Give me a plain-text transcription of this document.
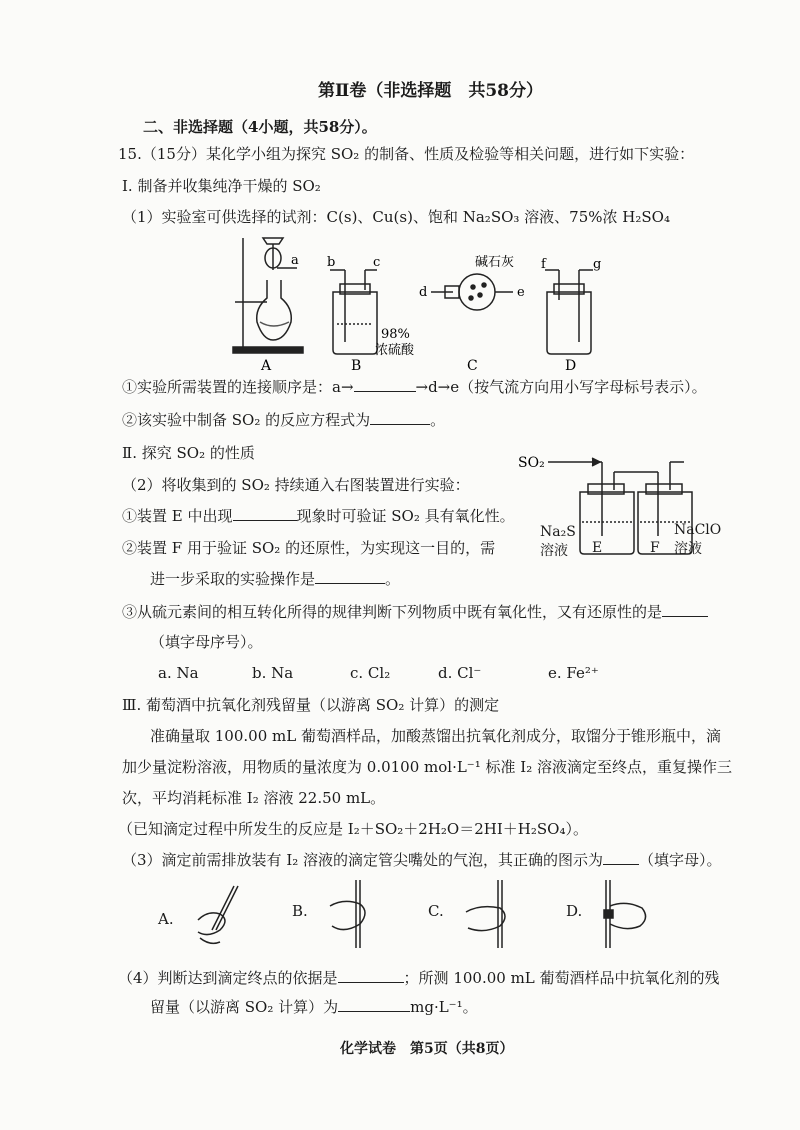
第Ⅱ卷（非选择题　共58分）
二、非选择题（4小题，共58分）。
15.（15分）某化学小组为探究 SO₂ 的制备、性质及检验等相关问题，进行如下实验：
Ⅰ. 制备并收集纯净干燥的 SO₂
（1）实验室可供选择的试剂：C(s)、Cu(s)、饱和 Na₂SO₃ 溶液、75%浓 H₂SO₄
a
A
b	c
98%
浓硫酸
B
碱石灰
d	e
C
f	g
D
①实验所需装置的连接顺序是：a→	→d→e（按气流方向用小写字母标号表示）。
②该实验中制备 SO₂ 的反应方程式为	。
Ⅱ. 探究 SO₂ 的性质
（2）将收集到的 SO₂ 持续通入右图装置进行实验：
①装置 E 中出现	现象时可验证 SO₂ 具有氧化性。
②装置 F 用于验证 SO₂ 的还原性，为实现这一目的，需
进一步采取的实验操作是	。
SO₂
Na₂S
溶液 E	F
NaClO
溶液
③从硫元素间的相互转化所得的规律判断下列物质中既有氧化性，又有还原性的是
（填字母序号）。
a. Na	b. Na	c. Cl₂	d. Cl⁻	e. Fe²⁺
Ⅲ. 葡萄酒中抗氧化剂残留量（以游离 SO₂ 计算）的测定
准确量取 100.00 mL 葡萄酒样品，加酸蒸馏出抗氧化剂成分，取馏分于锥形瓶中，滴
加少量淀粉溶液，用物质的量浓度为 0.0100 mol·L⁻¹ 标准 I₂ 溶液滴定至终点，重复操作三
次，平均消耗标准 I₂ 溶液 22.50 mL。
（已知滴定过程中所发生的反应是 I₂＋SO₂＋2H₂O＝2HI＋H₂SO₄）。
（3）滴定前需排放装有 I₂ 溶液的滴定管尖嘴处的气泡，其正确的图示为 （填字母）。
A.	B.	C.	D.
（4）判断达到滴定终点的依据是	；所测 100.00 mL 葡萄酒样品中抗氧化剂的残
留量（以游离 SO₂ 计算）为	mg·L⁻¹。
化学试卷　第5页（共8页）
